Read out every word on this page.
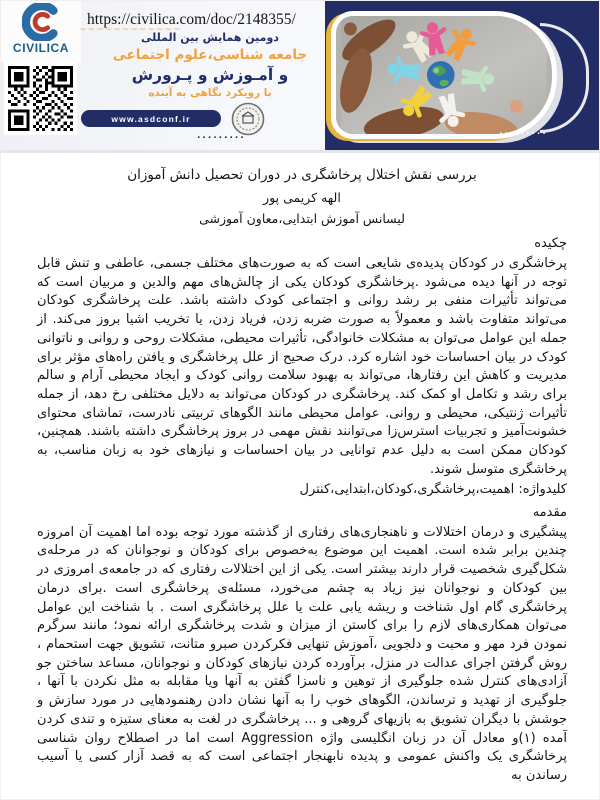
CIVILICA
https://civilica.com/doc/2148355/
~~~~~~~~~~~~

دومین همایش بین المللی

جامعه شناسی،علوم اجتماعی

و آمـوزش و پـرورش

با رویکرد نگاهی به آینده

www.asdconf.ir
.........	.........

بررسی نقش اختلال پرخاشگری در دوران تحصیل دانش آموزان

الهه کریمی پور

لیسانس آموزش ابتدایی،معاون آموزشی

چکیده

پرخاشگری در کودکان پدیده‌ی شایعی است که به صورت‌های مختلف جسمی، عاطفی و تنش قابل توجه در آنها دیده می‌شود .پرخاشگری کودکان یکی از چالش‌های مهم والدین و مربیان است که می‌تواند تأثیرات منفی بر رشد روانی و اجتماعی کودک داشته باشد. علت پرخاشگری کودکان می‌تواند متفاوت باشد و معمولاً به صورت ضربه زدن، فریاد زدن، یا تخریب اشیا بروز می‌کند. از جمله این عوامل می‌توان به مشکلات خانوادگی، تأثیرات محیطی، مشکلات روحی و روانی و ناتوانی کودک در بیان احساسات خود اشاره کرد. درک صحیح از علل پرخاشگری و یافتن راه‌های مؤثر برای مدیریت و کاهش این رفتارها، می‌تواند به بهبود سلامت روانی کودک و ایجاد محیطی آرام و سالم برای رشد و تکامل او کمک کند. پرخاشگری در کودکان می‌تواند به دلایل مختلفی رخ دهد، از جمله تأثیرات ژنتیکی، محیطی و روانی. عوامل محیطی مانند الگوهای تربیتی نادرست، تماشای محتوای خشونت‌آمیز و تجربیات استرس‌زا می‌توانند نقش مهمی در بروز پرخاشگری داشته باشند. همچنین، کودکان ممکن است به دلیل عدم توانایی در بیان احساسات و نیازهای خود به زبان مناسب، به پرخاشگری متوسل شوند.

کلیدواژه: اهمیت،پرخاشگری،کودکان،ابتدایی،کنترل

مقدمه

پیشگیری و درمان اختلالات و ناهنجاری‌های رفتاری از گذشته مورد توجه بوده اما اهمیت آن امروزه چندین برابر شده است. اهمیت این موضوع به‌خصوص برای کودکان و نوجوانان که در مرحله‌ی شکل‌گیری شخصیت قرار دارند بیشتر است. یکی از این اختلالات رفتاری که در جامعه‌ی امروزی در بین کودکان و نوجوانان نیز زیاد به چشم می‌خورد، مسئله‌ی پرخاشگری است .برای درمان پرخاشگری گام اول شناخت و ریشه یابی علت یا علل پرخاشگری است . با شناخت این عوامل می‌توان همکاری‌های لازم را برای کاستن از میزان و شدت پرخاشگری ارائه نمود؛ مانند سرگرم نمودن فرد مهر و محبت و دلجویی ،آموزش تنهایی فکرکردن صبرو متانت، تشویق جهت استحمام ، روش گرفتن اجرای عدالت در منزل، برآورده کردن نیازهای کودکان و نوجوانان، مساعد ساختن جو آزادی‌های کنترل شده جلوگیری از توهین و ناسزا گفتن به آنها ویا مقابله به مثل نکردن با آنها ، جلوگیری از تهدید و ترساندن، الگوهای خوب را به آنها نشان دادن رهنمودهایی در مورد سازش و جوشش با دیگران تشویق به بازیهای گروهی و ... پرخاشگری در لغت به معنای ستیزه و تندی کردن آمده (۱)و معادل آن در زبان انگلیسی واژه Aggression است اما در اصطلاح روان شناسی پرخاشگری یک واکنش عمومی و پدیده نابهنجار اجتماعی است که به قصد آزار کسی یا آسیب رساندن به
